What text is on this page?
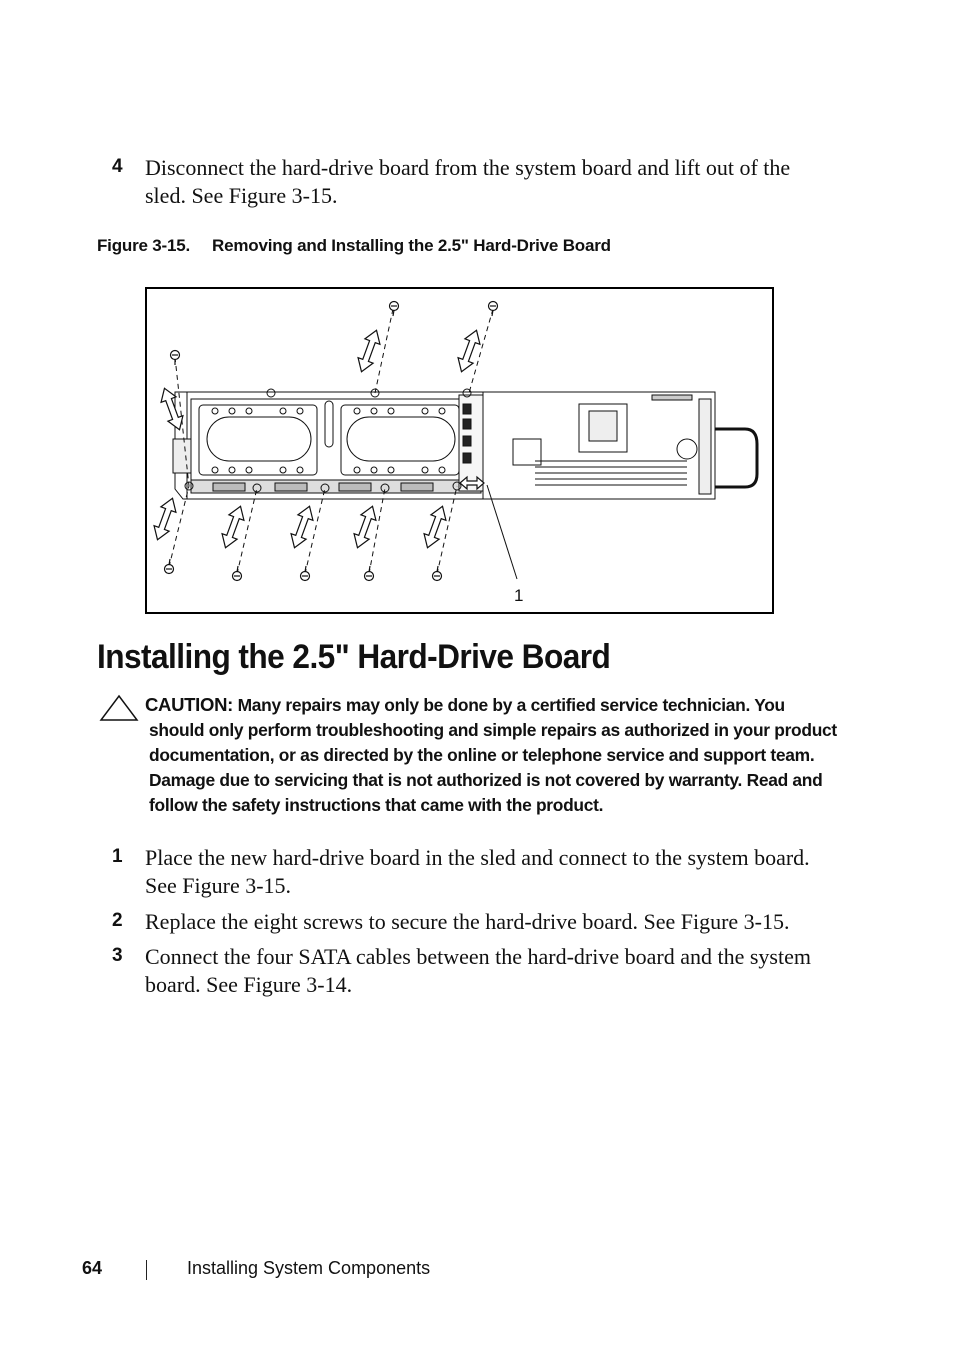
4 Disconnect the hard-drive board from the system board and lift out of the sled. See Figure 3-15.
Figure 3-15. Removing and Installing the 2.5" Hard-Drive Board
1
Installing the 2.5" Hard-Drive Board
CAUTION: Many repairs may only be done by a certified service technician. You should only perform troubleshooting and simple repairs as authorized in your product documentation, or as directed by the online or telephone service and support team. Damage due to servicing that is not authorized is not covered by warranty. Read and follow the safety instructions that came with the product.
1 Place the new hard-drive board in the sled and connect to the system board. See Figure 3-15.
2 Replace the eight screws to secure the hard-drive board. See Figure 3-15.
3 Connect the four SATA cables between the hard-drive board and the system board. See Figure 3-14.
64	Installing System Components
